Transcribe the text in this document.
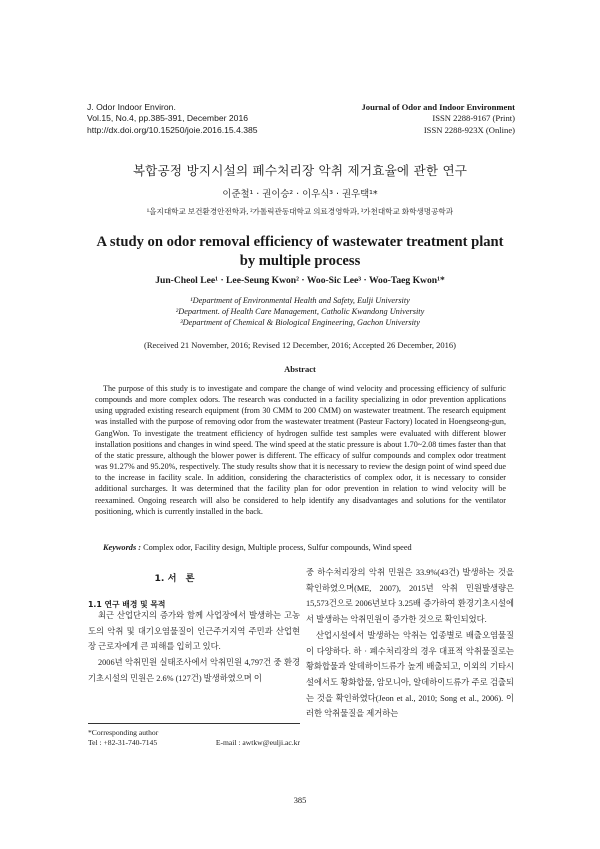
J. Odor Indoor Environ.
Vol.15, No.4, pp.385-391, December 2016
http://dx.doi.org/10.15250/joie.2016.15.4.385
Journal of Odor and Indoor Environment
ISSN 2288-9167 (Print)
ISSN 2288-923X (Online)
복합공정 방지시설의 폐수처리장 악취 제거효율에 관한 연구
이준철¹ · 권이승² · 이우식³ · 권우택¹*
¹을지대학교 보건환경안전학과, ²가톨릭관동대학교 의료경영학과, ³가천대학교 화학생명공학과
A study on odor removal efficiency of wastewater treatment plant
by multiple process
Jun-Cheol Lee¹ · Lee-Seung Kwon² · Woo-Sic Lee³ · Woo-Taeg Kwon¹*
¹Department of Environmental Health and Safety, Eulji University
²Department. of Health Care Management, Catholic Kwandong University
³Department of Chemical & Biological Engineering, Gachon University
(Received 21 November, 2016; Revised 12 December, 2016; Accepted 26 December, 2016)
Abstract

The purpose of this study is to investigate and compare the change of wind velocity and processing efficiency of sulfuric compounds and more complex odors. The research was conducted in a facility specializing in odor prevention applications using upgraded existing research equipment (from 30 CMM to 200 CMM) on wastewater treatment. The research equipment was installed with the purpose of removing odor from the wastewater treatment (Pasteur Factory) located in Hoengseong-gun, GangWon. To investigate the treatment efficiency of hydrogen sulfide test samples were evaluated with different blower installation positions and changes in wind speed. The wind speed at the static pressure is about 1.70~2.08 times faster than that of the static pressure, although the blower power is different. The efficacy of sulfur compounds and complex odor treatment was 91.27% and 95.20%, respectively. The study results show that it is necessary to review the design point of wind speed due to the increase in facility scale. In addition, considering the characteristics of complex odor, it is necessary to consider additional surcharges. It was determined that the facility plan for odor prevention in relation to wind velocity will be reexamined. Ongoing research will also be considered to help identify any disadvantages and solutions for the ventilator positioning, which is currently installed in the back.

Keywords : Complex odor, Facility design, Multiple process, Sulfur compounds, Wind speed
1. 서　론
1.1 연구 배경 및 목적

최근 산업단지의 증가와 함께 사업장에서 발생하는 고농도의 악취 및 대기오염물질이 인근주거지역 주민과 산업현장 근로자에게 큰 피해를 입히고 있다.

2006년 악취민원 실태조사에서 악취민원 4,797건 중 환경기초시설의 민원은 2.6% (127건) 발생하였으며 이

중 하수처리장의 악취 민원은 33.9%(43건) 발생하는 것을 확인하였으며(ME, 2007), 2015년 악취 민원발생량은 15,573건으로 2006년보다 3.25배 증가하여 환경기초시설에서 발생하는 악취민원이 증가한 것으로 확인되었다.

산업시설에서 발생하는 악취는 업종별로 배출오염물질이 다양하다. 하 · 폐수처리장의 경우 대표적 악취물질로는 황화합물과 알데하이드류가 높게 배출되고, 이외의 기타시설에서도 황화합물, 암모니아, 알데하이드류가 주로 검출되는 것을 확인하였다(Jeon et al., 2010; Song et al., 2006). 이러한 악취물질을 제거하는

*Corresponding author
Tel : +82-31-740-7145	E-mail : awtkw@eulji.ac.kr
385
